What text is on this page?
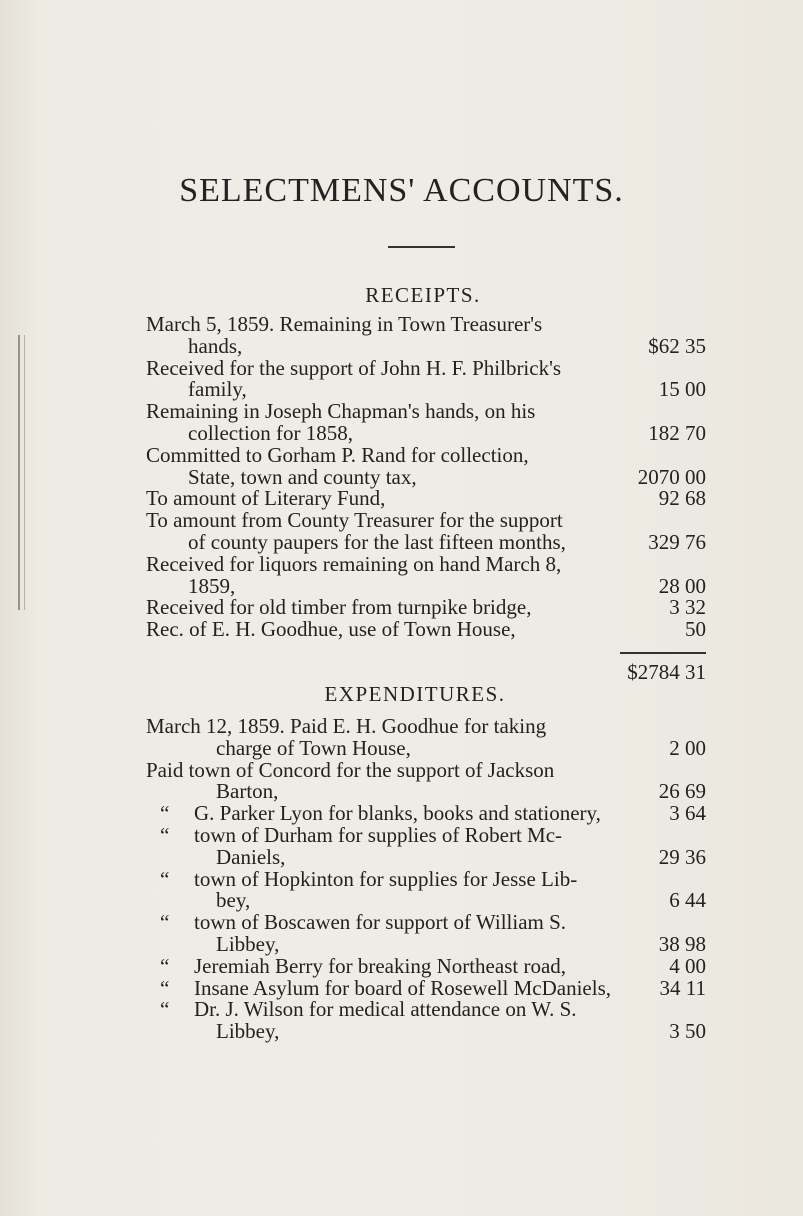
SELECTMENS' ACCOUNTS.
RECEIPTS.
March 5, 1859. Remaining in Town Treasurer's
hands,	$62 35
Received for the support of John H. F. Philbrick's
family,	15 00
Remaining in Joseph Chapman's hands, on his
collection for 1858,	182 70
Committed to Gorham P. Rand for collection,
State, town and county tax,	2070 00
To amount of Literary Fund,	92 68
To amount from County Treasurer for the support
of county paupers for the last fifteen months,	329 76
Received for liquors remaining on hand March 8,
1859,	28 00
Received for old timber from turnpike bridge,	3 32
Rec. of E. H. Goodhue, use of Town House,	50
$2784 31
EXPENDITURES.
March 12, 1859. Paid E. H. Goodhue for taking
charge of Town House,	2 00
Paid town of Concord for the support of Jackson
Barton,	26 69
“ G. Parker Lyon for blanks, books and stationery,	3 64
“ town of Durham for supplies of Robert Mc-
Daniels,	29 36
“ town of Hopkinton for supplies for Jesse Lib-
bey,	6 44
“ town of Boscawen for support of William S.
Libbey,	38 98
“ Jeremiah Berry for breaking Northeast road,	4 00
“ Insane Asylum for board of Rosewell McDaniels, 34 11
“ Dr. J. Wilson for medical attendance on W. S.
Libbey,	3 50
